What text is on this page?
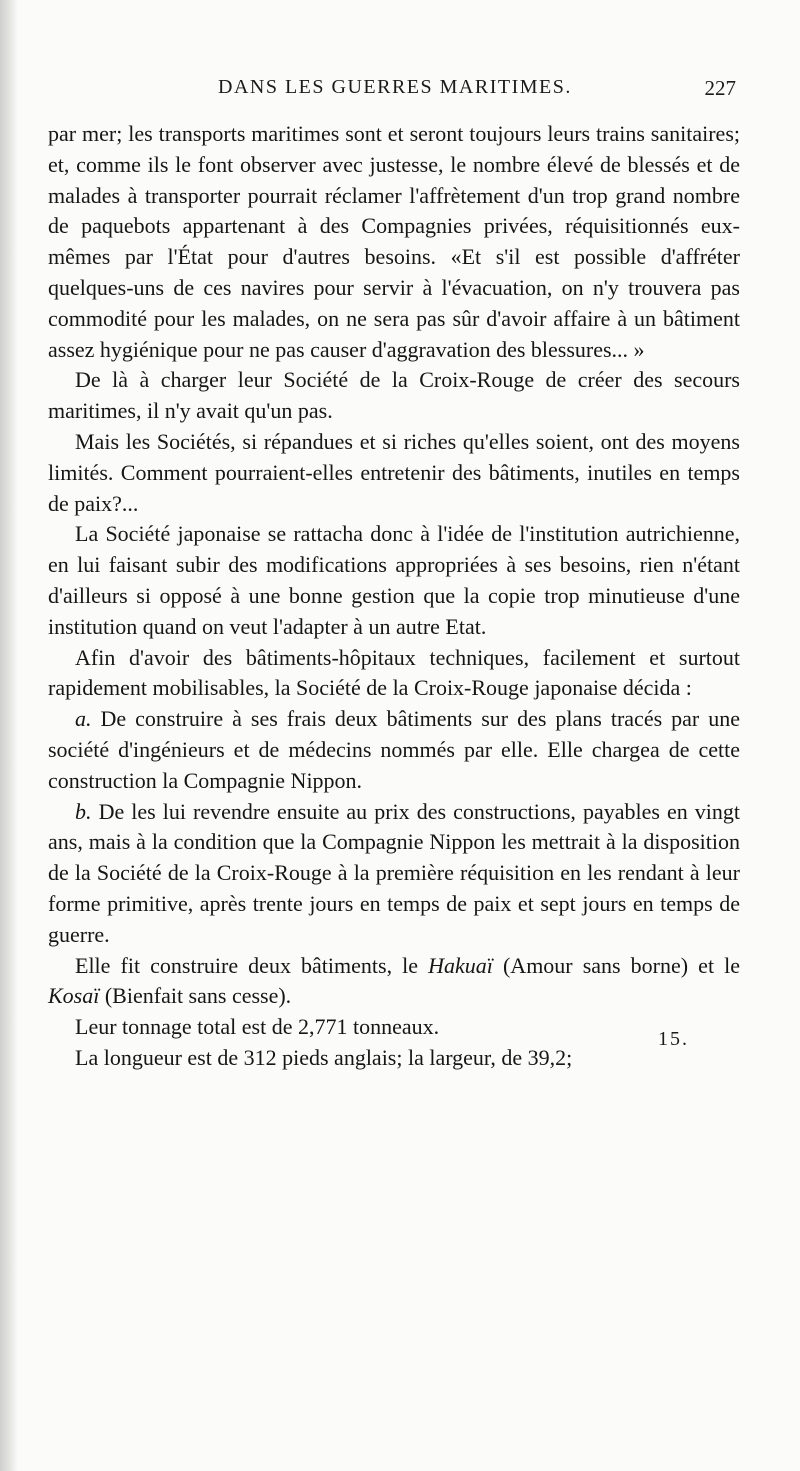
DANS LES GUERRES MARITIMES.	227

par mer; les transports maritimes sont et seront toujours leurs trains sanitaires; et, comme ils le font observer avec justesse, le nombre élevé de blessés et de malades à transporter pourrait réclamer l'affrètement d'un trop grand nombre de paquebots appartenant à des Compagnies privées, réquisitionnés eux-mêmes par l'État pour d'autres besoins. «Et s'il est possible d'affréter quelques-uns de ces navires pour servir à l'évacuation, on n'y trouvera pas commodité pour les malades, on ne sera pas sûr d'avoir affaire à un bâtiment assez hygiénique pour ne pas causer d'aggravation des blessures... »

De là à charger leur Société de la Croix-Rouge de créer des secours maritimes, il n'y avait qu'un pas.

Mais les Sociétés, si répandues et si riches qu'elles soient, ont des moyens limités. Comment pourraient-elles entretenir des bâtiments, inutiles en temps de paix?...

La Société japonaise se rattacha donc à l'idée de l'institution autrichienne, en lui faisant subir des modifications appropriées à ses besoins, rien n'étant d'ailleurs si opposé à une bonne gestion que la copie trop minutieuse d'une institution quand on veut l'adapter à un autre Etat.

Afin d'avoir des bâtiments-hôpitaux techniques, facilement et surtout rapidement mobilisables, la Société de la Croix-Rouge japonaise décida :

a. De construire à ses frais deux bâtiments sur des plans tracés par une société d'ingénieurs et de médecins nommés par elle. Elle chargea de cette construction la Compagnie Nippon.

b. De les lui revendre ensuite au prix des constructions, payables en vingt ans, mais à la condition que la Compagnie Nippon les mettrait à la disposition de la Société de la Croix-Rouge à la première réquisition en les rendant à leur forme primitive, après trente jours en temps de paix et sept jours en temps de guerre.

Elle fit construire deux bâtiments, le Hakuaï (Amour sans borne) et le Kosaï (Bienfait sans cesse).

Leur tonnage total est de 2,771 tonneaux.

La longueur est de 312 pieds anglais; la largeur, de 39,2;

15.
